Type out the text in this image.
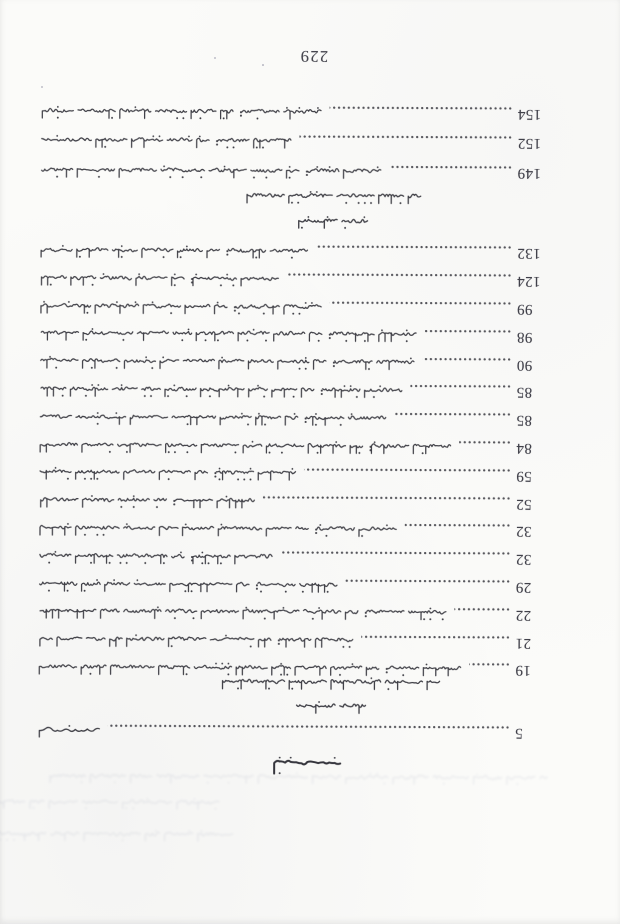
229
5
19
21
22
29
32
32
52
59
84
85
85
90
98
99
124
132
149
152
154
